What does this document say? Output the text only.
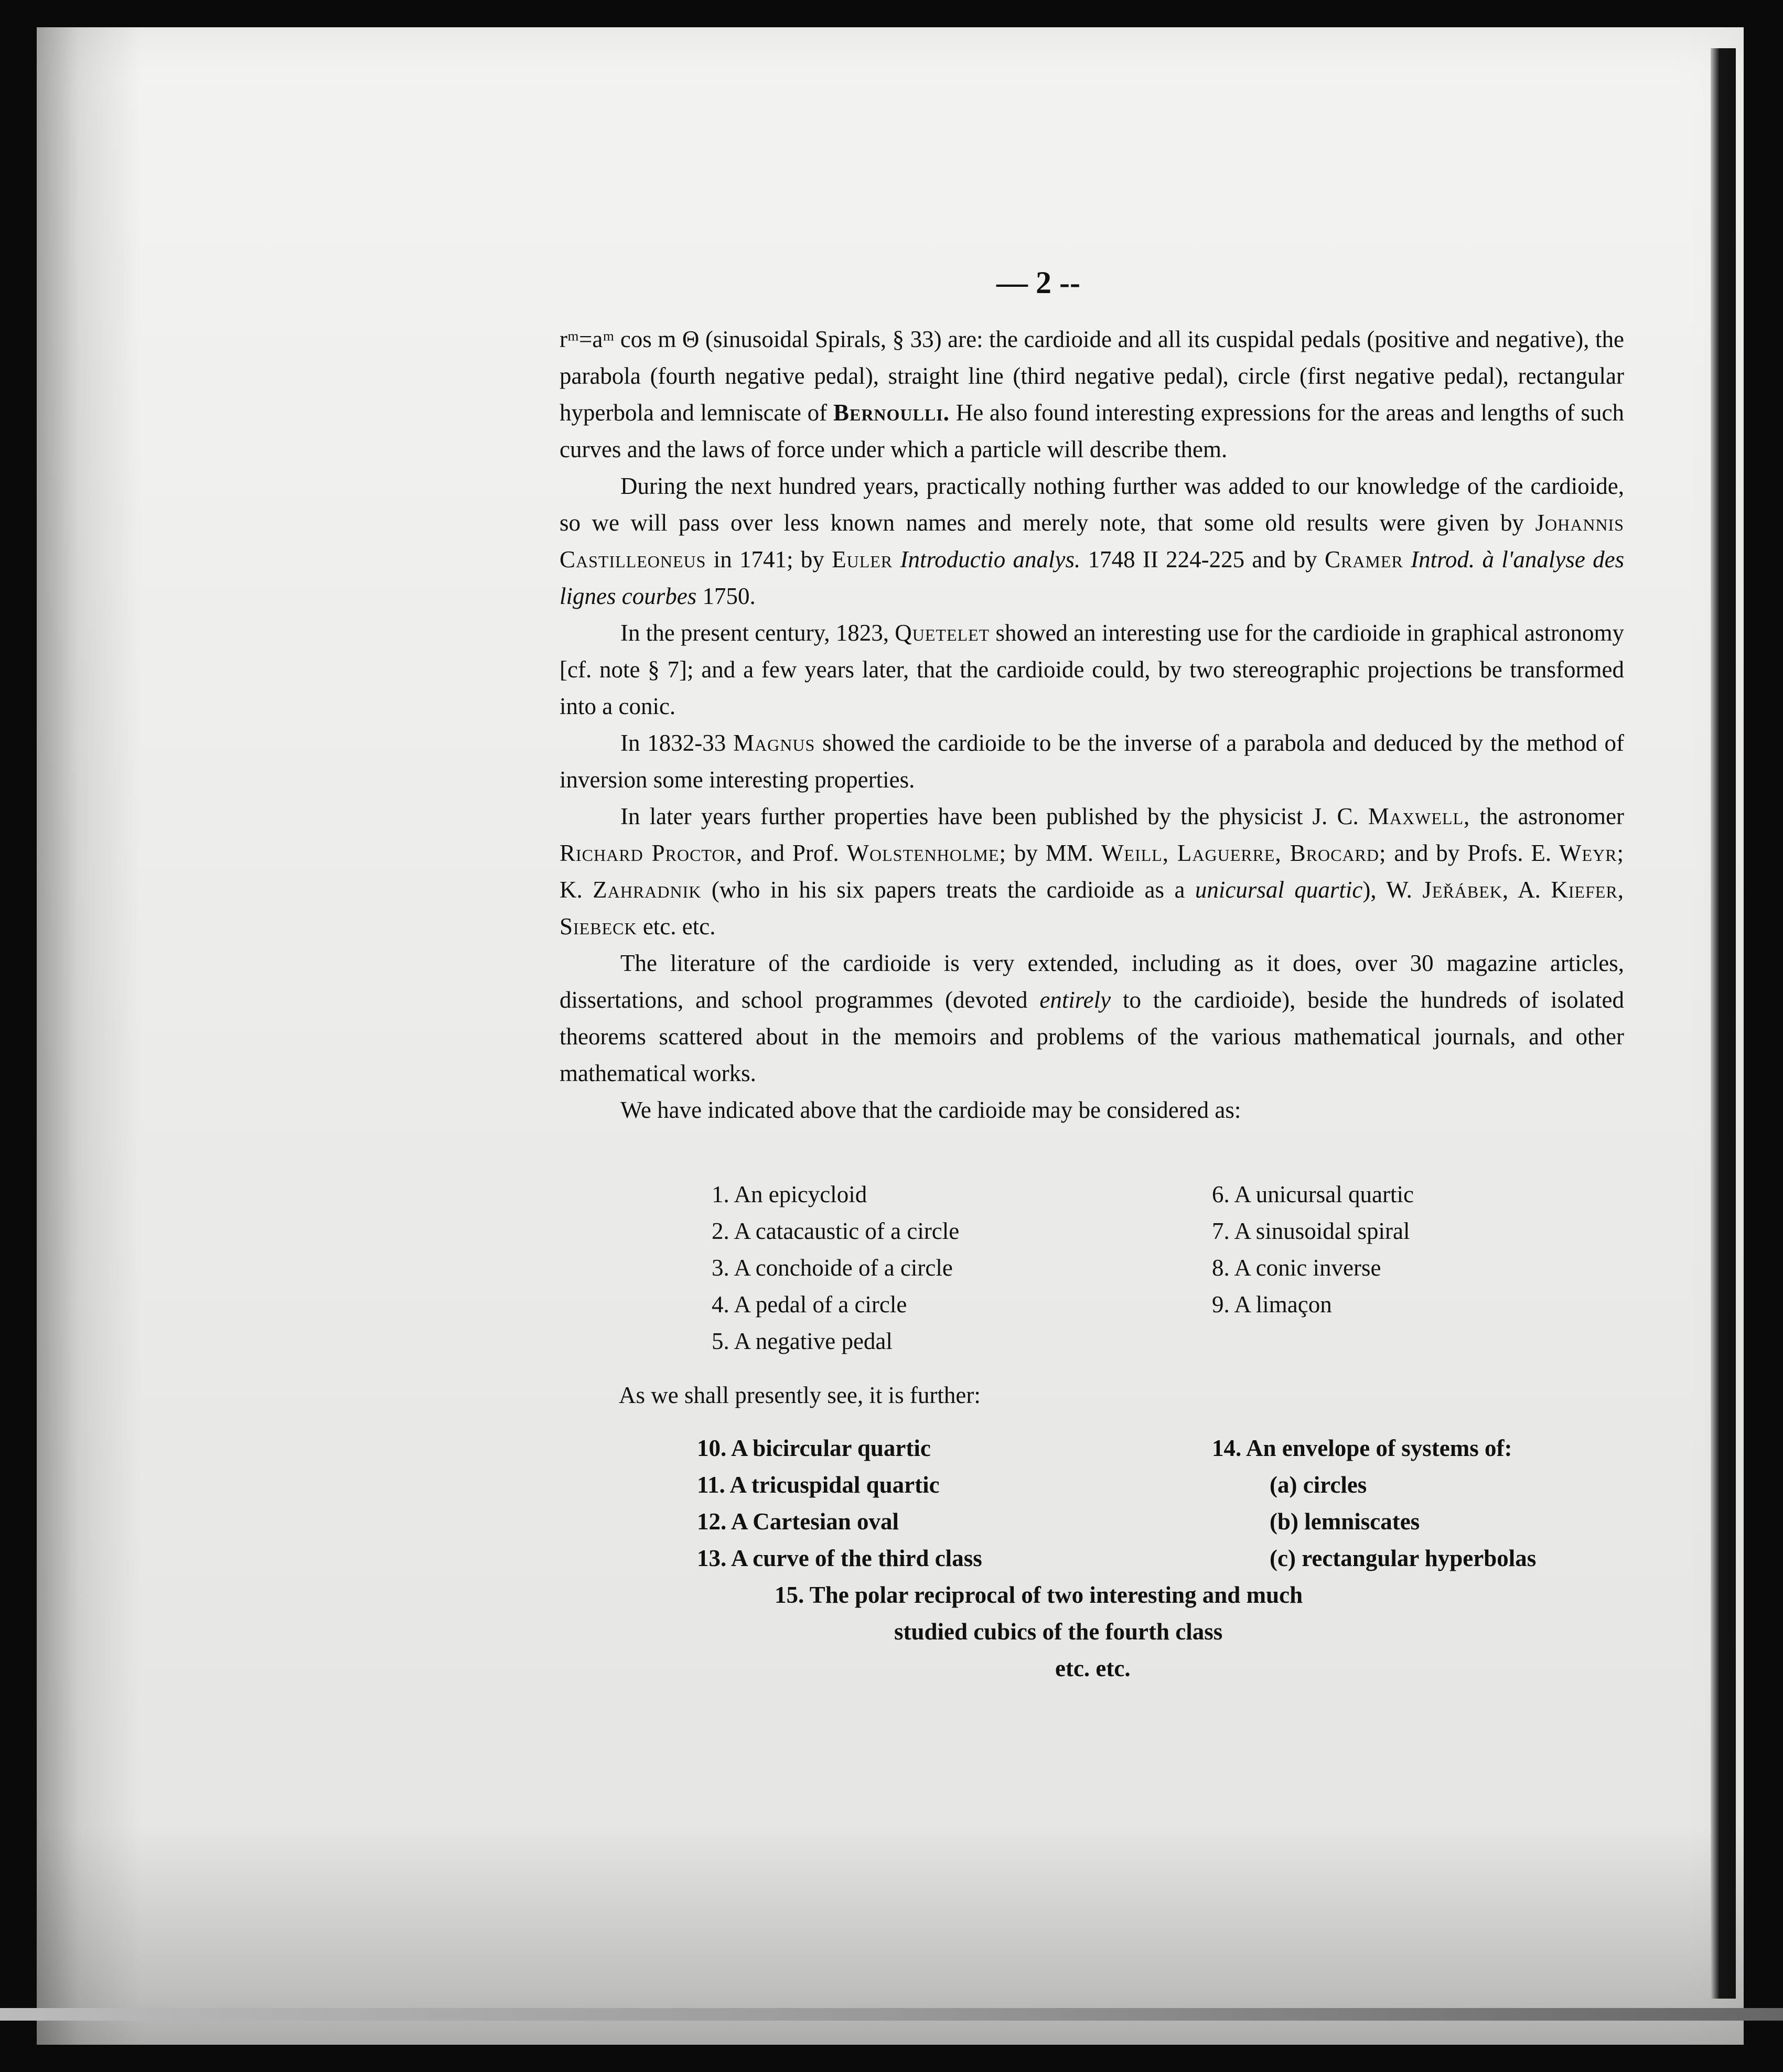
— 2 --

rᵐ=aᵐ cos m Θ (sinusoidal Spirals, § 33) are: the cardioide and all its cuspidal pedals (positive and negative), the parabola (fourth negative pedal), straight line (third negative pedal), circle (first negative pedal), rectangular hyperbola and lemniscate of Bernoulli. He also found interesting expressions for the areas and lengths of such curves and the laws of force under which a particle will describe them.

During the next hundred years, practically nothing further was added to our knowledge of the cardioide, so we will pass over less known names and merely note, that some old results were given by Johannis Castilleoneus in 1741; by Euler Introductio analys. 1748 II 224-225 and by Cramer Introd. à l'analyse des lignes courbes 1750.

In the present century, 1823, Quetelet showed an interesting use for the cardioide in graphical astronomy [cf. note § 7]; and a few years later, that the cardioide could, by two stereographic projections be transformed into a conic.

In 1832-33 Magnus showed the cardioide to be the inverse of a parabola and deduced by the method of inversion some interesting properties.

In later years further properties have been published by the physicist J. C. Maxwell, the astronomer Richard Proctor, and Prof. Wolstenholme; by MM. Weill, Laguerre, Brocard; and by Profs. E. Weyr; K. Zahradnik (who in his six papers treats the cardioide as a unicursal quartic), W. Jeřábek, A. Kiefer, Siebeck etc. etc.

The literature of the cardioide is very extended, including as it does, over 30 magazine articles, dissertations, and school programmes (devoted entirely to the cardioide), beside the hundreds of isolated theorems scattered about in the memoirs and problems of the various mathematical journals, and other mathematical works.

We have indicated above that the cardioide may be considered as:

1. An epicycloid
2. A catacaustic of a circle
3. A conchoide of a circle
4. A pedal of a circle
5. A negative pedal
6. A unicursal quartic
7. A sinusoidal spiral
8. A conic inverse
9. A limaçon
As we shall presently see, it is further:
10. A bicircular quartic
11. A tricuspidal quartic
12. A Cartesian oval
13. A curve of the third class
14. An envelope of systems of:
(a) circles
(b) lemniscates
(c) rectangular hyperbolas
15. The polar reciprocal of two interesting and much
studied cubics of the fourth class
etc. etc.
